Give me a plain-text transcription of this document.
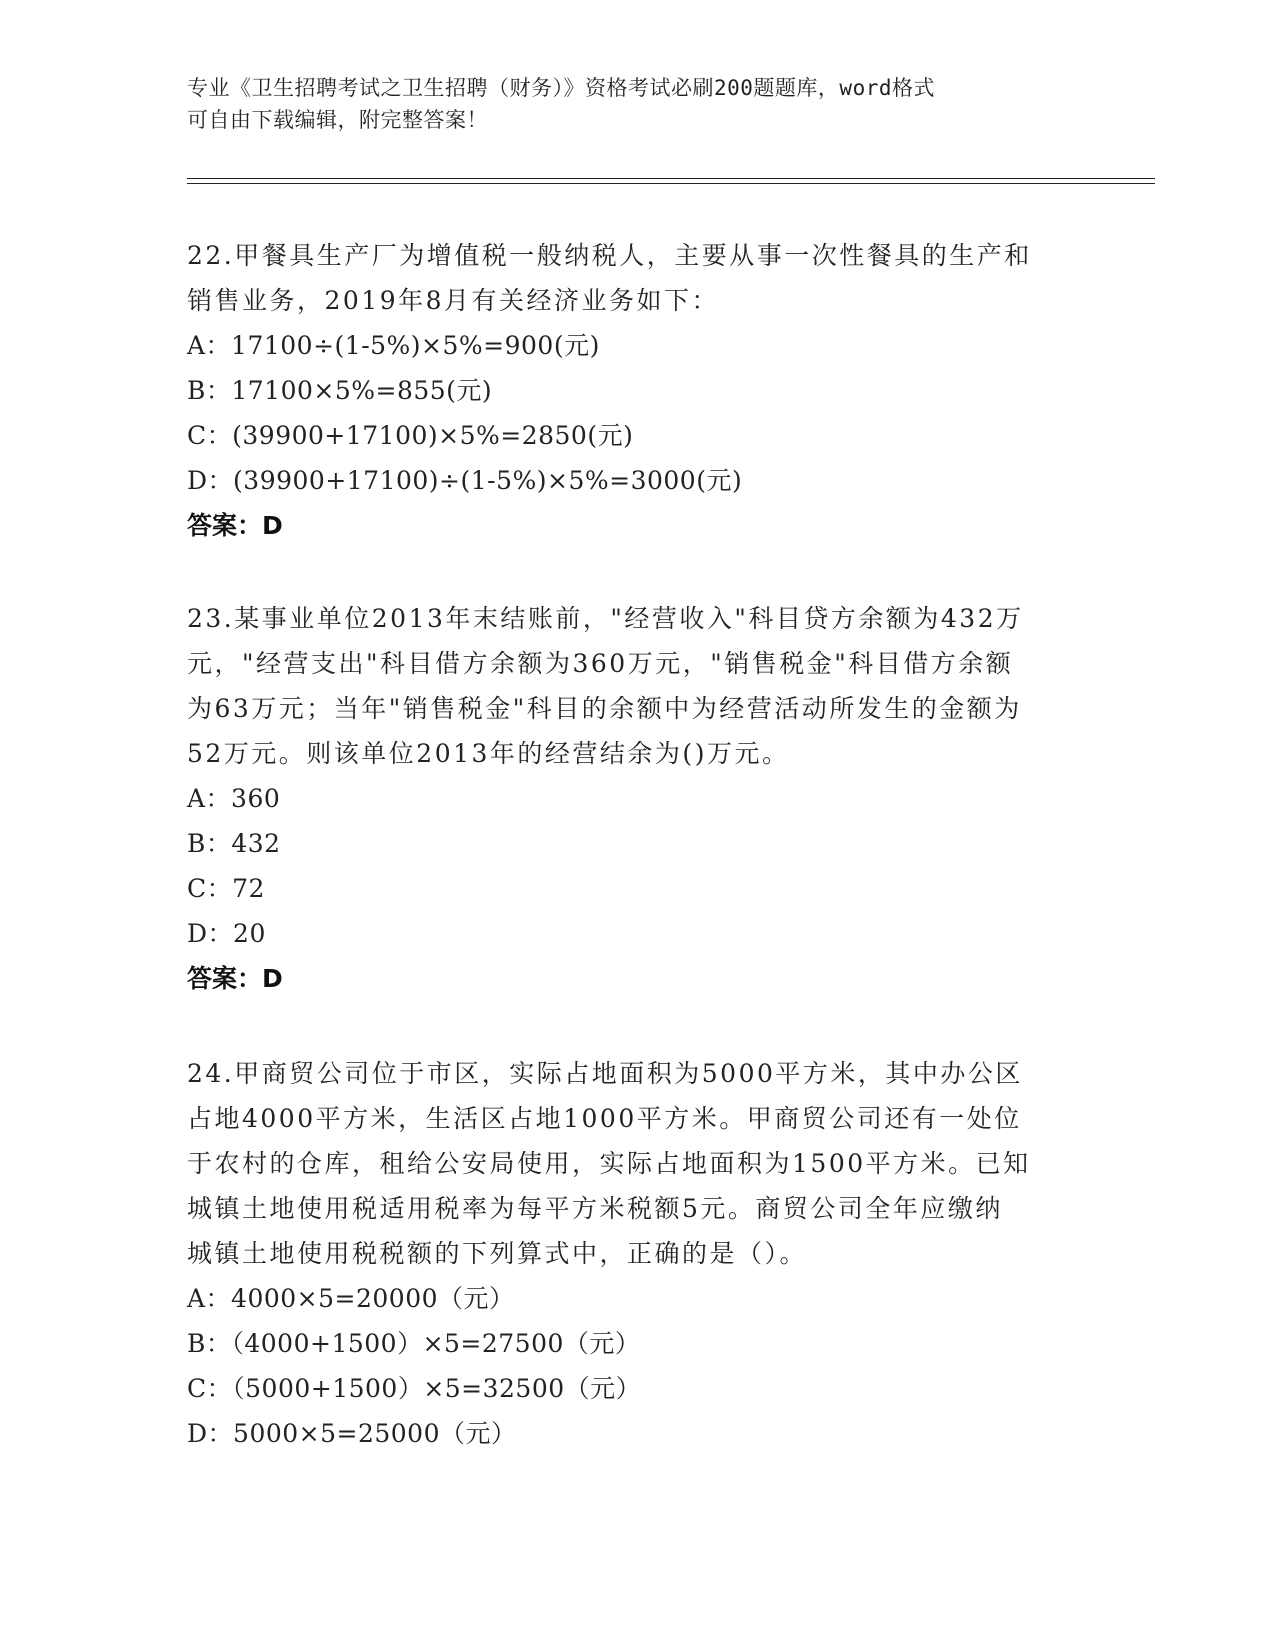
专业《卫生招聘考试之卫生招聘（财务）》资格考试必刷200题题库，word格式

可自由下载编辑，附完整答案！

22.甲餐具生产厂为增值税一般纳税人，主要从事一次性餐具的生产和

销售业务，2019年8月有关经济业务如下：

A：17100÷(1-5%)×5%=900(元)

B：17100×5%=855(元)

C：(39900+17100)×5%=2850(元)

D：(39900+17100)÷(1-5%)×5%=3000(元)

答案：D

23.某事业单位2013年末结账前，"经营收入"科目贷方余额为432万

元，"经营支出"科目借方余额为360万元，"销售税金"科目借方余额

为63万元；当年"销售税金"科目的余额中为经营活动所发生的金额为

52万元。则该单位2013年的经营结余为()万元。

A：360

B：432

C：72

D：20

答案：D

24.甲商贸公司位于市区，实际占地面积为5000平方米，其中办公区

占地4000平方米，生活区占地1000平方米。甲商贸公司还有一处位

于农村的仓库，租给公安局使用，实际占地面积为1500平方米。已知

城镇土地使用税适用税率为每平方米税额5元。商贸公司全年应缴纳

城镇土地使用税税额的下列算式中，正确的是（）。

A：4000×5=20000（元）

B：（4000+1500）×5=27500（元）

C：（5000+1500）×5=32500（元）

D：5000×5=25000（元）
